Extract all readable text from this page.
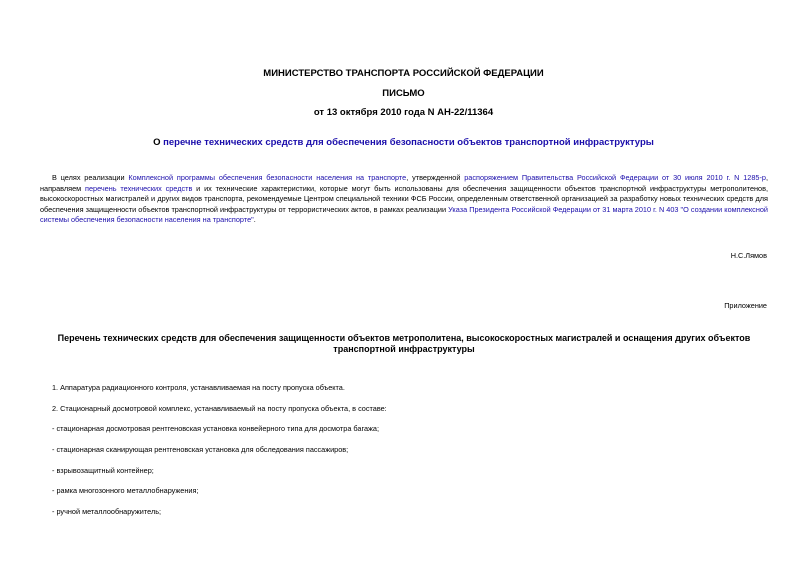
МИНИСТЕРСТВО ТРАНСПОРТА РОССИЙСКОЙ ФЕДЕРАЦИИ
ПИСЬМО
от 13 октября 2010 года N АН-22/11364
О перечне технических средств для обеспечения безопасности объектов транспортной инфраструктуры

В целях реализации Комплексной программы обеспечения безопасности населения на транспорте, утвержденной распоряжением Правительства Российской Федерации от 30 июля 2010 г. N 1285-р, направляем перечень технических средств и их технические характеристики, которые могут быть использованы для обеспечения защищенности объектов транспортной инфраструктуры метрополитенов, высокоскоростных магистралей и других видов транспорта, рекомендуемые Центром специальной техники ФСБ России, определенным ответственной организацией за разработку новых технических средств для обеспечения защищенности объектов транспортной инфраструктуры от террористических актов, в рамках реализации Указа Президента Российской Федерации от 31 марта 2010 г. N 403 "О создании комплексной системы обеспечения безопасности населения на транспорте".

Н.С.Лямов
Приложение
Перечень технических средств для обеспечения защищенности объектов метрополитена, высокоскоростных магистралей и оснащения других объектов транспортной инфраструктуры
1. Аппаратура радиационного контроля, устанавливаемая на посту пропуска объекта.
2. Стационарный досмотровой комплекс, устанавливаемый на посту пропуска объекта, в составе:
- стационарная досмотровая рентгеновская установка конвейерного типа для досмотра багажа;
- стационарная сканирующая рентгеновская установка для обследования пассажиров;
- взрывозащитный контейнер;
- рамка многозонного металлобнаружения;
- ручной металлообнаружитель;
